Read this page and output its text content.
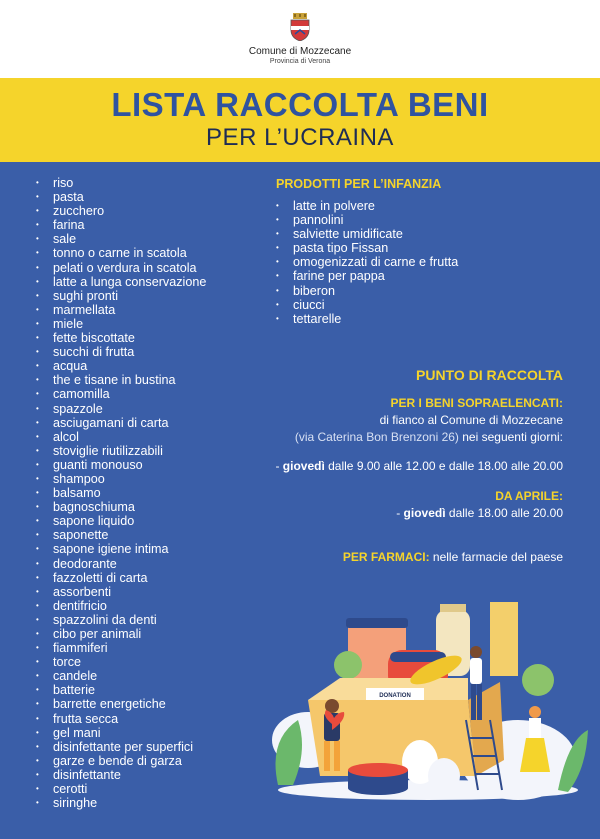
Comune di Mozzecane
Provincia di Verona
LISTA RACCOLTA BENI
PER L’UCRAINA
• riso
• pasta
• zucchero
• farina
• sale
• tonno o carne in scatola
• pelati o verdura in scatola
• latte a lunga conservazione
• sughi pronti
• marmellata
• miele
• fette biscottate
• succhi di frutta
• acqua
• the e tisane in bustina
• camomilla
• spazzole
• asciugamani di carta
• alcol
• stoviglie riutilizzabili
• guanti monouso
• shampoo
• balsamo
• bagnoschiuma
• sapone liquido
• saponette
• sapone igiene intima
• deodorante
• fazzoletti di carta
• assorbenti
• dentifricio
• spazzolini da denti
• cibo per animali
• fiammiferi
• torce
• candele
• batterie
• barrette energetiche
• frutta secca
• gel mani
• disinfettante per superfici
• garze e bende di garza
• disinfettante
• cerotti
• siringhe
PRODOTTI PER L’INFANZIA
• latte in polvere
• pannolini
• salviette umidificate
• pasta tipo Fissan
• omogenizzati di carne e frutta
• farine per pappa
• biberon
• ciucci
• tettarelle
PUNTO DI RACCOLTA
PER I BENI SOPRAELENCATI:
di fianco al Comune di Mozzecane
(via Caterina Bon Brenzoni 26) nei seguenti giorni:
- giovedì dalle 9.00 alle 12.00 e dalle 18.00 alle 20.00
DA APRILE:
- giovedì dalle 18.00 alle 20.00
PER FARMACI: nelle farmacie del paese
DONATION
